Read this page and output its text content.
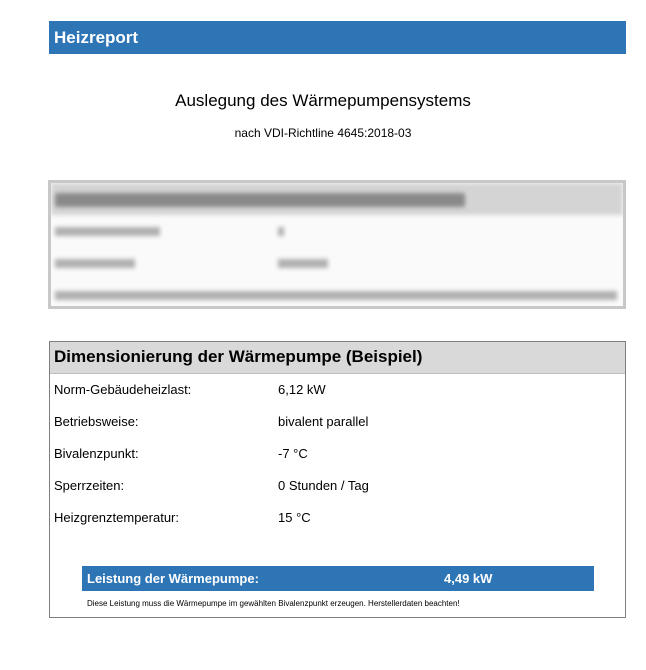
Heizreport
Auslegung des Wärmepumpensystems
nach VDI-Richtline 4645:2018-03
Dimensionierung der Wärmepumpe (Beispiel)
Norm-Gebäudeheizlast:	6,12 kW
Betriebsweise:	bivalent parallel
Bivalenzpunkt:	-7 °C
Sperrzeiten:	0 Stunden / Tag
Heizgrenztemperatur:	15 °C
Leistung der Wärmepumpe:	4,49 kW
Diese Leistung muss die Wärmepumpe im gewählten Bivalenzpunkt erzeugen. Herstellerdaten beachten!
